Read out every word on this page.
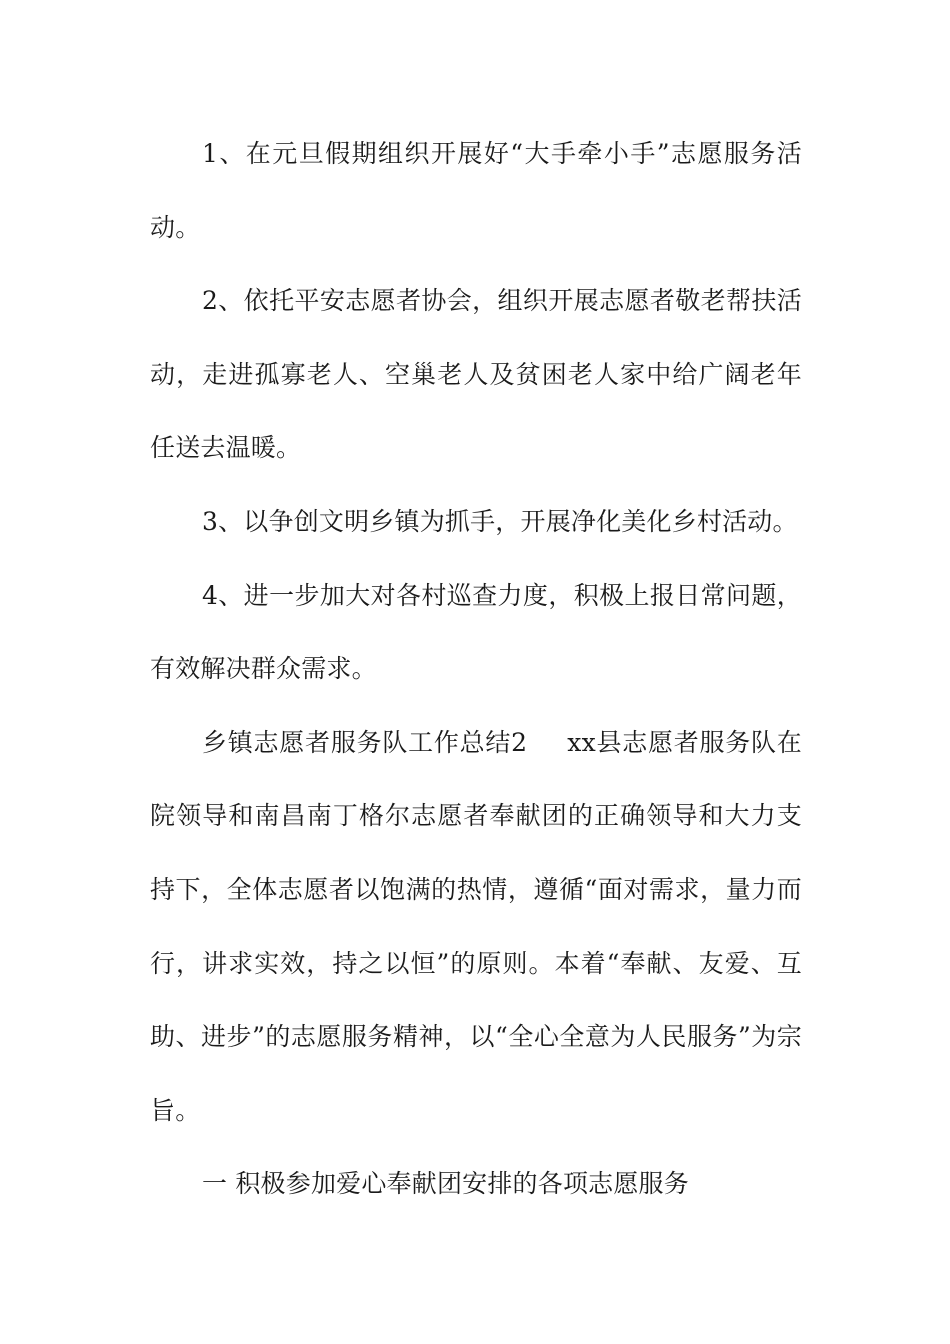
1、在元旦假期组织开展好“大手牵小手”志愿服务活动。

2、依托平安志愿者协会，组织开展志愿者敬老帮扶活动，走进孤寡老人、空巢老人及贫困老人家中给广阔老年任送去温暖。

3、以争创文明乡镇为抓手，开展净化美化乡村活动。

4、进一步加大对各村巡查力度，积极上报日常问题，有效解决群众需求。

乡镇志愿者服务队工作总结2 xx县志愿者服务队在院领导和南昌南丁格尔志愿者奉献团的正确领导和大力支持下，全体志愿者以饱满的热情，遵循“面对需求，量力而行，讲求实效，持之以恒”的原则。本着“奉献、友爱、互助、进步”的志愿服务精神，以“全心全意为人民服务”为宗旨。

一 积极参加爱心奉献团安排的各项志愿服务
